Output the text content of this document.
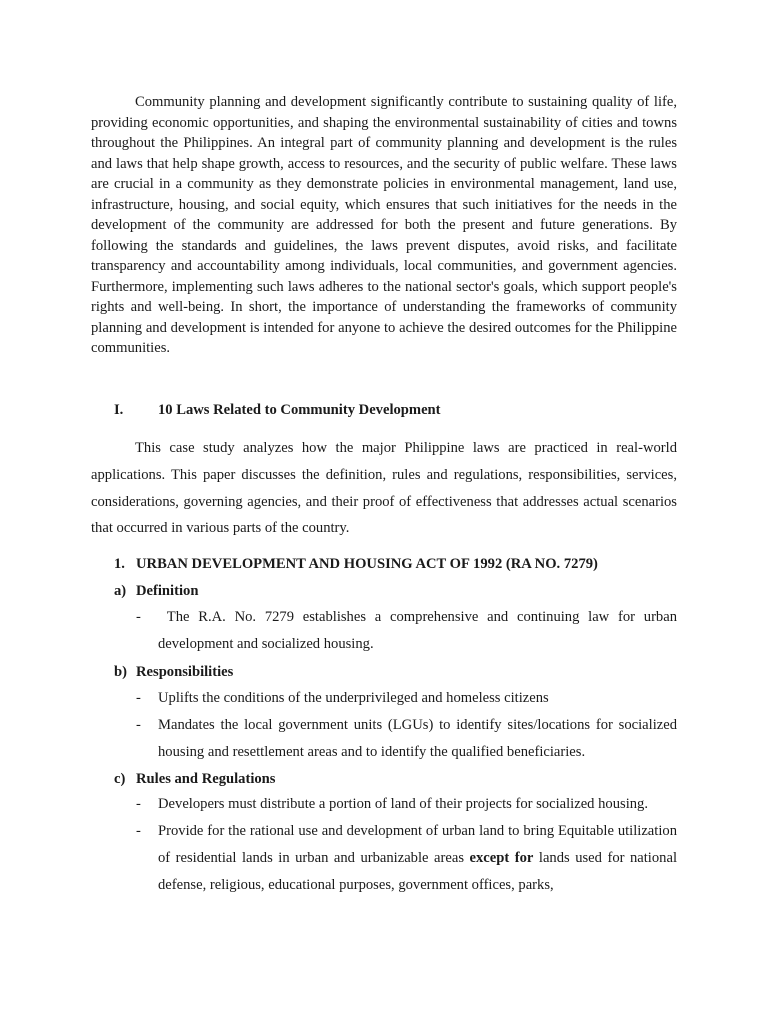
Community planning and development significantly contribute to sustaining quality of life, providing economic opportunities, and shaping the environmental sustainability of cities and towns throughout the Philippines. An integral part of community planning and development is the rules and laws that help shape growth, access to resources, and the security of public welfare. These laws are crucial in a community as they demonstrate policies in environmental management, land use, infrastructure, housing, and social equity, which ensures that such initiatives for the needs in the development of the community are addressed for both the present and future generations. By following the standards and guidelines, the laws prevent disputes, avoid risks, and facilitate transparency and accountability among individuals, local communities, and government agencies. Furthermore, implementing such laws adheres to the national sector's goals, which support people's rights and well-being. In short, the importance of understanding the frameworks of community planning and development is intended for anyone to achieve the desired outcomes for the Philippine communities.

I. 10 Laws Related to Community Development

This case study analyzes how the major Philippine laws are practiced in real-world applications. This paper discusses the definition, rules and regulations, responsibilities, services, considerations, governing agencies, and their proof of effectiveness that addresses actual scenarios that occurred in various parts of the country.

1. URBAN DEVELOPMENT AND HOUSING ACT OF 1992 (RA NO. 7279)

a) Definition

- The R.A. No. 7279 establishes a comprehensive and continuing law for urban development and socialized housing.

b) Responsibilities

- Uplifts the conditions of the underprivileged and homeless citizens
- Mandates the local government units (LGUs) to identify sites/locations for socialized housing and resettlement areas and to identify the qualified beneficiaries.

c) Rules and Regulations

- Developers must distribute a portion of land of their projects for socialized housing.
- Provide for the rational use and development of urban land to bring Equitable utilization of residential lands in urban and urbanizable areas except for lands used for national defense, religious, educational purposes, government offices, parks,
